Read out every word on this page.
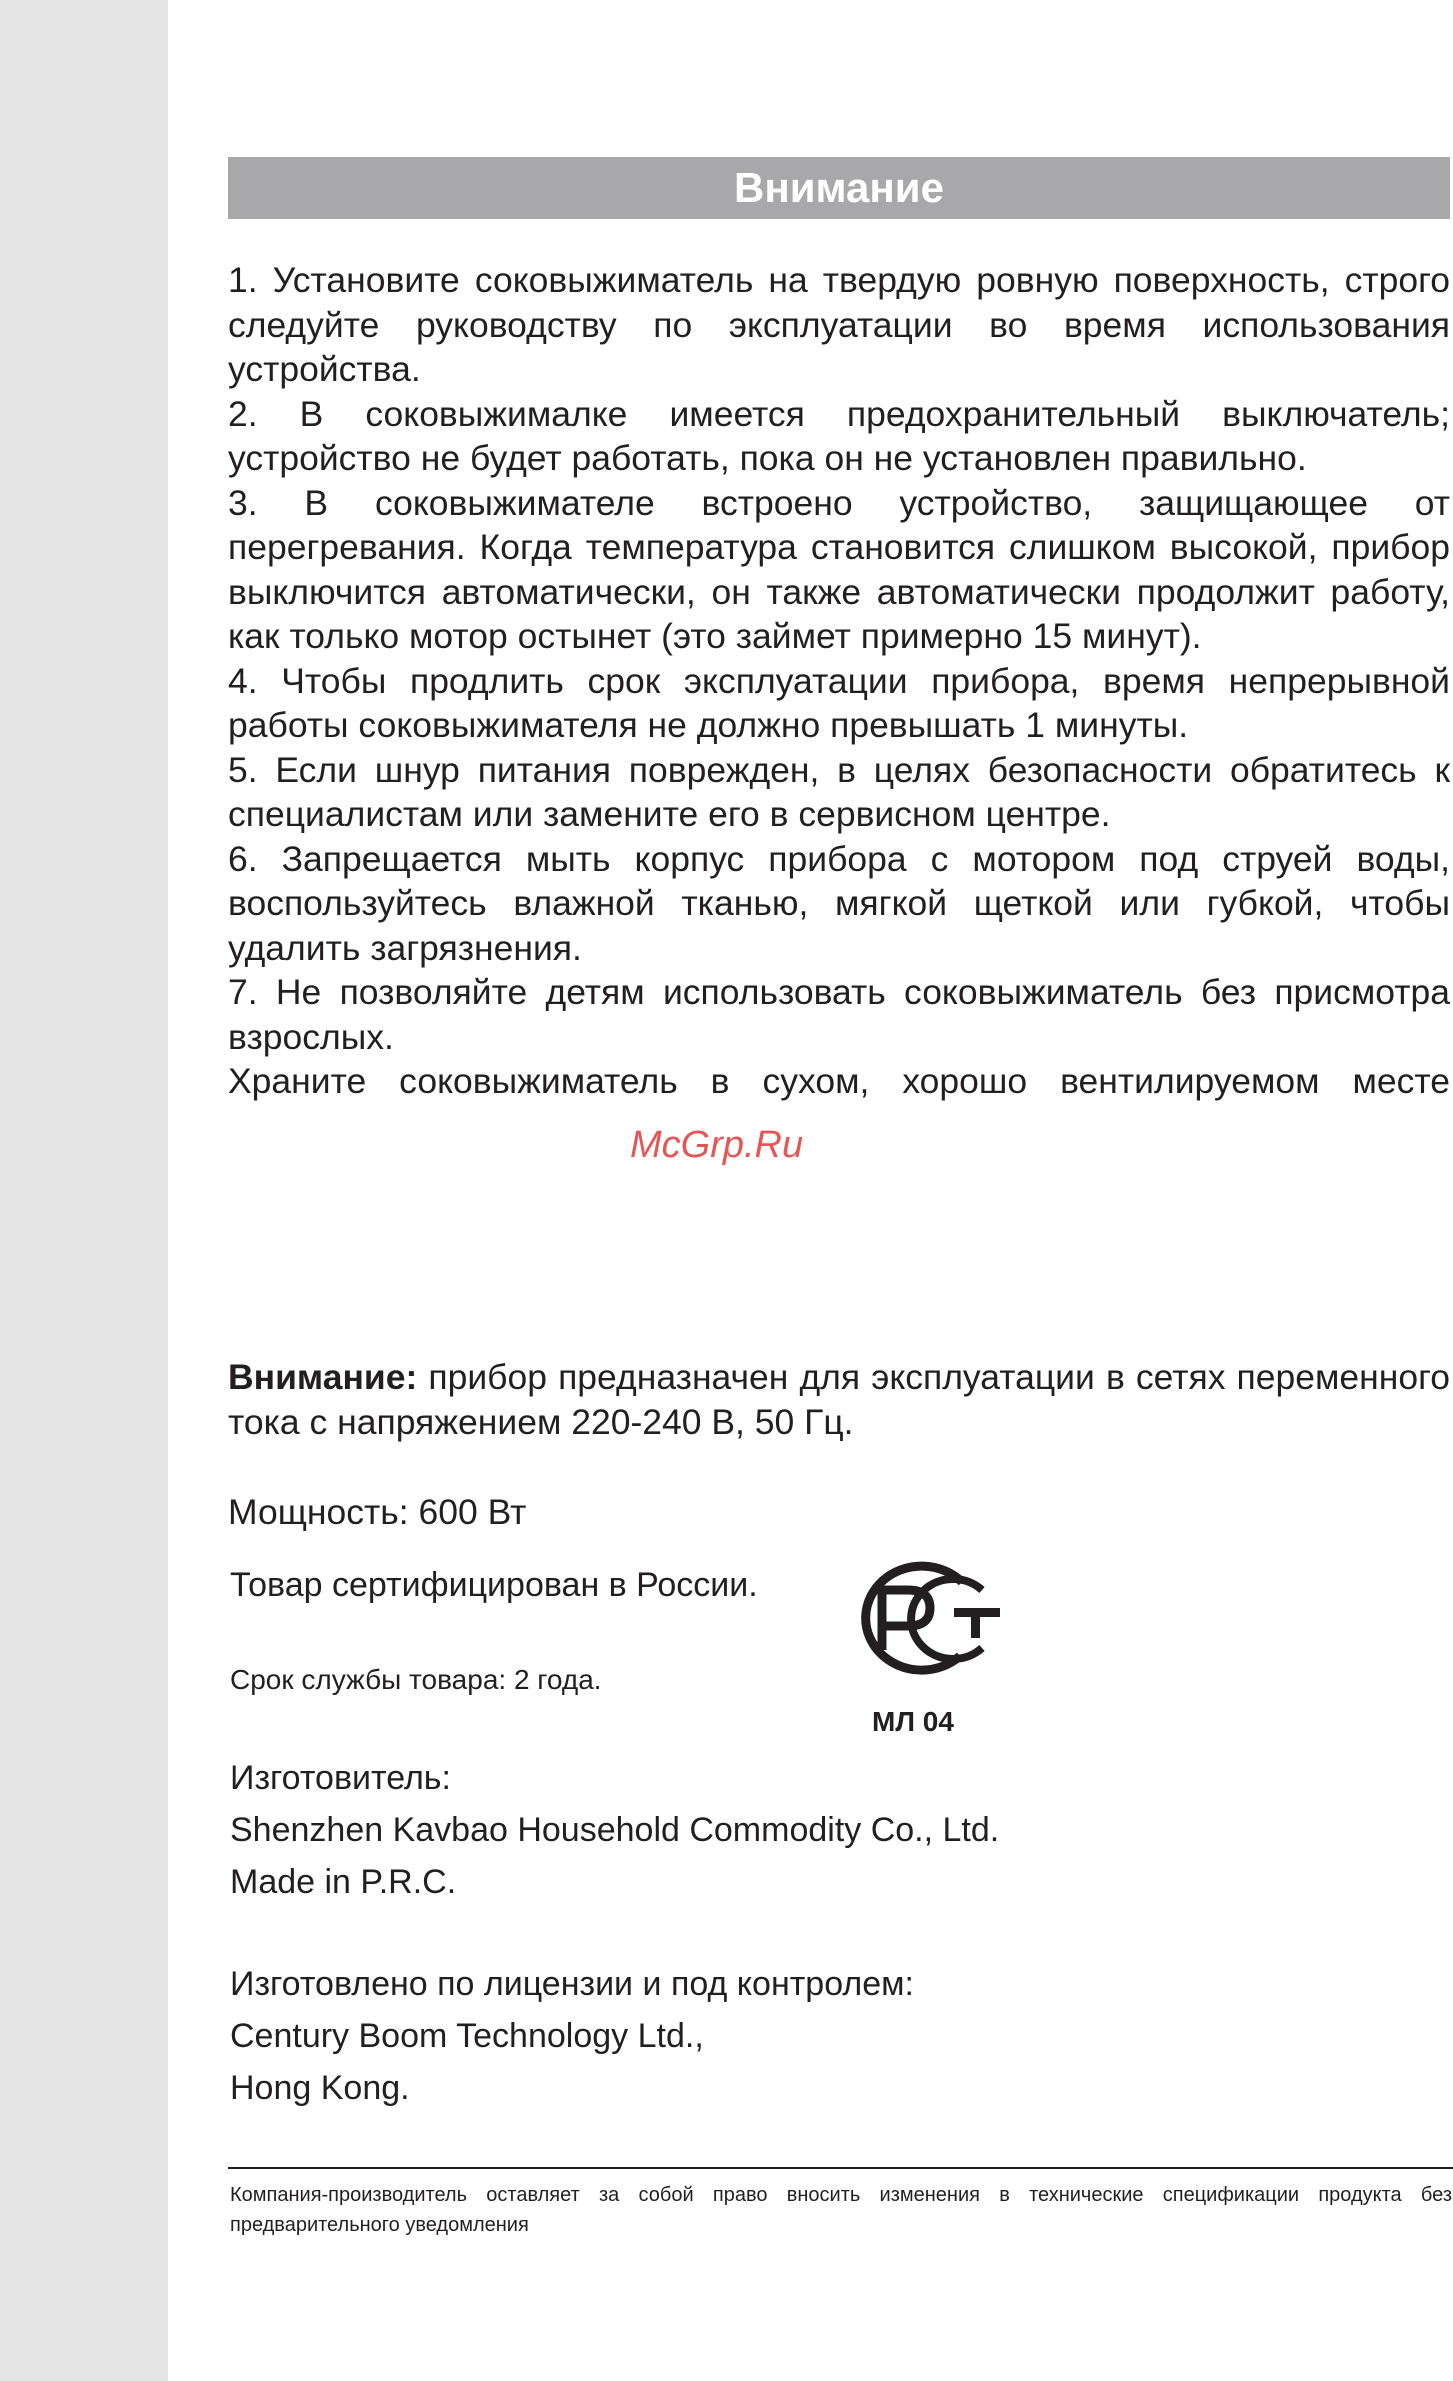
Внимание

1. Установите соковыжиматель на твердую ровную поверхность, строго следуйте руководству по эксплуатации во время использования устройства.

2. В соковыжималке имеется предохранительный выключатель; устройство не будет работать, пока он не установлен правильно.

3. В соковыжимателе встроено устройство, защищающее от перегревания. Когда температура становится слишком высокой, прибор выключится автоматически, он также автоматически продолжит работу, как только мотор остынет (это займет примерно 15 минут).

4. Чтобы продлить срок эксплуатации прибора, время непрерывной работы соковыжимателя не должно превышать 1 минуты.

5. Если шнур питания поврежден, в целях безопасности обратитесь к специалистам или замените его в сервисном центре.

6. Запрещается мыть корпус прибора с мотором под струей воды, воспользуйтесь влажной тканью, мягкой щеткой или губкой, чтобы удалить загрязнения.

7. Не позволяйте детям использовать соковыжиматель без присмотра взрослых.

Храните соковыжиматель в сухом, хорошо вентилируемом месте

McGrp.Ru

Внимание: прибор предназначен для эксплуатации в сетях переменного тока с напряжением 220-240 В, 50 Гц.

Мощность: 600 Вт

Товар сертифицирован в России.

Срок службы товара: 2 года.

МЛ 04
Изготовитель:
Shenzhen Kavbao Household Commodity Co., Ltd.
Made in P.R.C.
Изготовлено по лицензии и под контролем:
Century Boom Technology Ltd.,
Hong Kong.

Компания-производитель оставляет за собой право вносить изменения в технические спецификации продукта без
предварительного уведомления
